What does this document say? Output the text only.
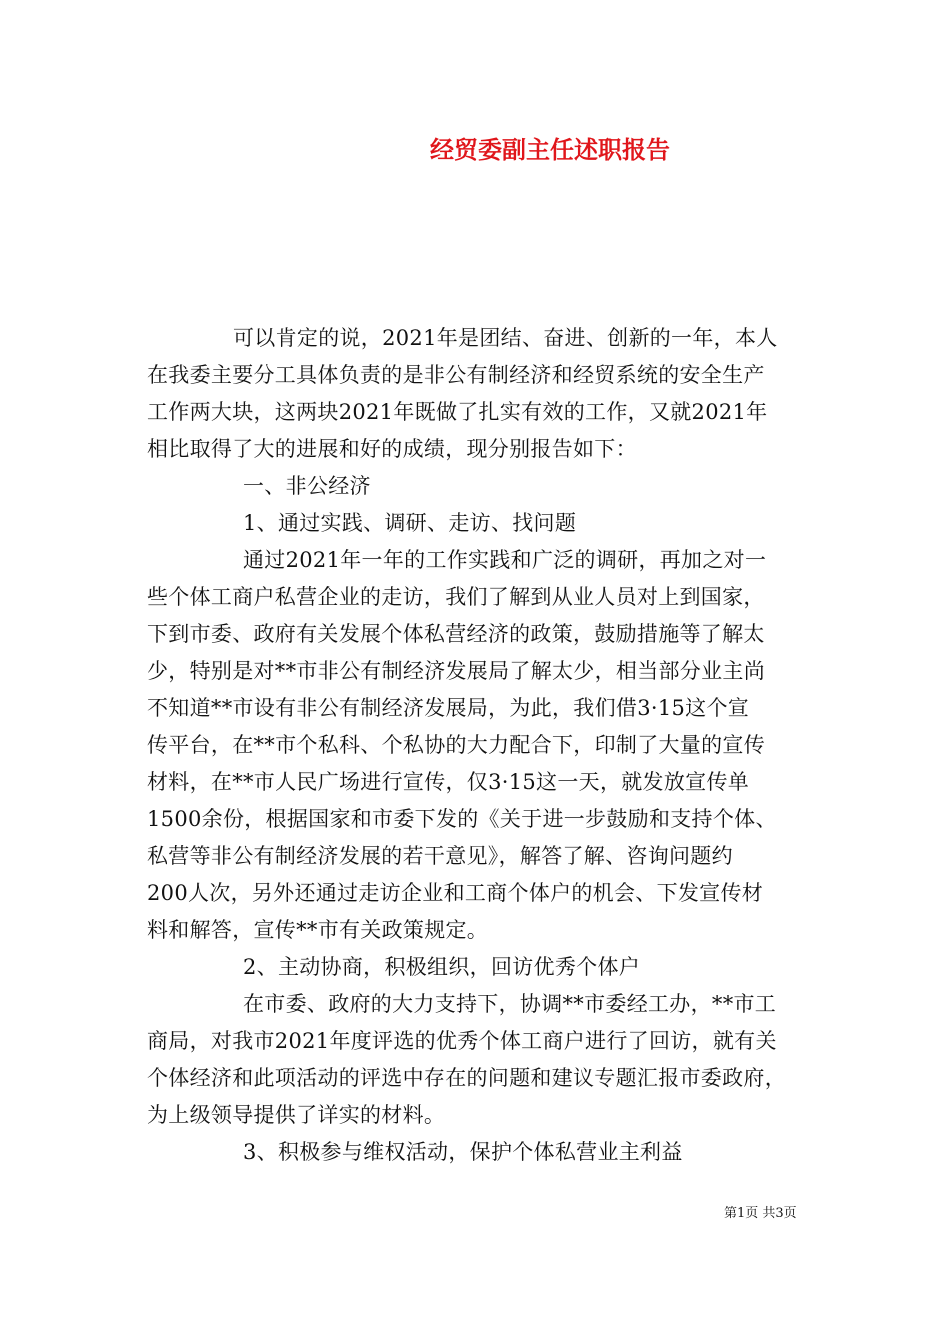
经贸委副主任述职报告
可以肯定的说，2021年是团结、奋进、创新的一年，本人
在我委主要分工具体负责的是非公有制经济和经贸系统的安全生产
工作两大块，这两块2021年既做了扎实有效的工作，又就2021年
相比取得了大的进展和好的成绩，现分别报告如下：
一、非公经济
1、通过实践、调研、走访、找问题
通过2021年一年的工作实践和广泛的调研，再加之对一
些个体工商户私营企业的走访，我们了解到从业人员对上到国家，
下到市委、政府有关发展个体私营经济的政策，鼓励措施等了解太
少，特别是对**市非公有制经济发展局了解太少，相当部分业主尚
不知道**市设有非公有制经济发展局，为此，我们借3·15这个宣
传平台，在**市个私科、个私协的大力配合下，印制了大量的宣传
材料，在**市人民广场进行宣传，仅3·15这一天，就发放宣传单
1500余份，根据国家和市委下发的《关于进一步鼓励和支持个体、
私营等非公有制经济发展的若干意见》，解答了解、咨询问题约
200人次，另外还通过走访企业和工商个体户的机会、下发宣传材
料和解答，宣传**市有关政策规定。
2、主动协商，积极组织，回访优秀个体户
在市委、政府的大力支持下，协调**市委经工办，**市工
商局，对我市2021年度评选的优秀个体工商户进行了回访，就有关
个体经济和此项活动的评选中存在的问题和建议专题汇报市委政府，
为上级领导提供了详实的材料。
3、积极参与维权活动，保护个体私营业主利益
第1页 共3页
